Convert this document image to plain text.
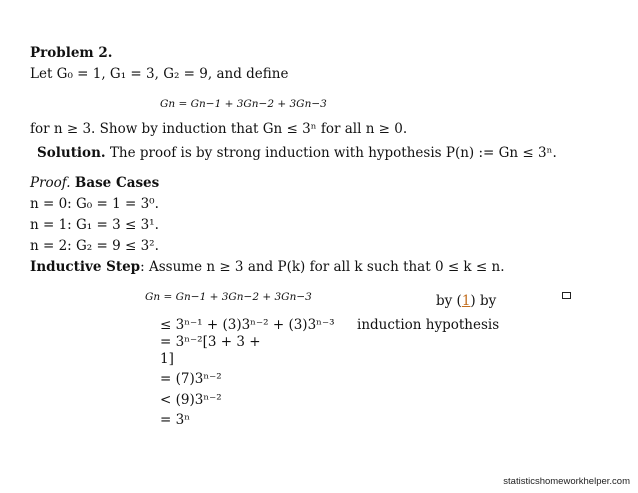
Problem 2.
Let G₀ = 1, G₁ = 3, G₂ = 9, and define
Gn = Gn−1 + 3Gn−2 + 3Gn−3
for n ≥ 3. Show by induction that Gn ≤ 3ⁿ for all n ≥ 0.
Solution. The proof is by strong induction with hypothesis P(n) := Gn ≤ 3ⁿ.
Proof. Base Cases
n = 0: G₀ = 1 = 3⁰.
n = 1: G₁ = 3 ≤ 3¹.
n = 2: G₂ = 9 ≤ 3².
Inductive Step: Assume n ≥ 3 and P(k) for all k such that 0 ≤ k ≤ n.
Gn = Gn−1 + 3Gn−2 + 3Gn−3	by (1) by
≤ 3ⁿ⁻¹ + (3)3ⁿ⁻² + (3)3ⁿ⁻³ induction hypothesis
= 3ⁿ⁻²[3 + 3 +
1]
= (7)3ⁿ⁻²
< (9)3ⁿ⁻²
= 3ⁿ
statisticshomeworkhelper.com
